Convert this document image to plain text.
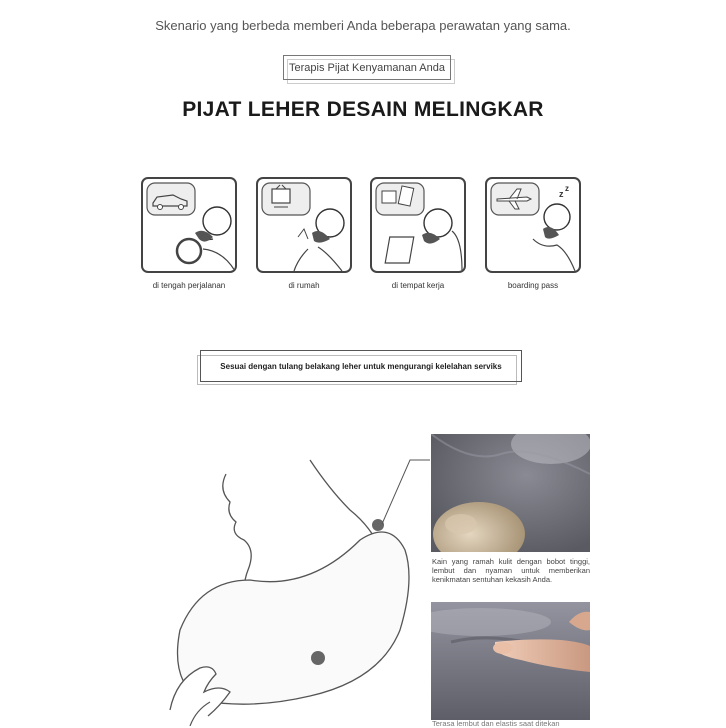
Skenario yang berbeda memberi Anda beberapa perawatan yang sama.
Terapis Pijat Kenyamanan Anda
PIJAT LEHER DESAIN MELINGKAR
z
z
di tengah perjalanan	di rumah	di tempat kerja	boarding pass
Sesuai dengan tulang belakang leher untuk mengurangi kelelahan serviks
Kain yang ramah kulit dengan bobot tinggi, lembut dan nyaman untuk memberikan kenikmatan sentuhan kekasih Anda.
Terasa lembut dan elastis saat ditekan
